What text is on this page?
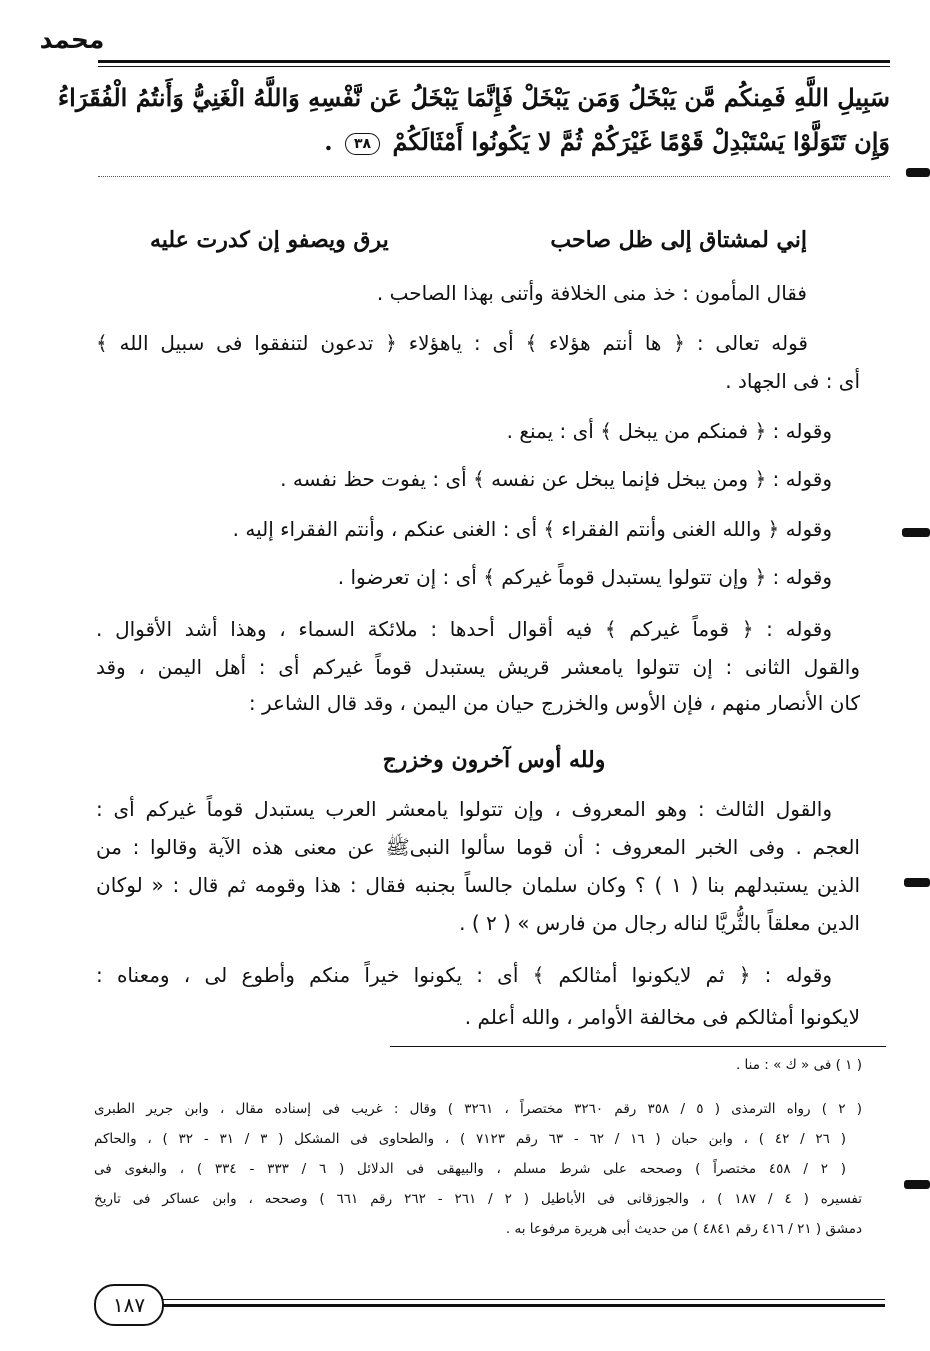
محمد
سَبِيلِ اللَّهِ فَمِنكُم مَّن يَبْخَلُ وَمَن يَبْخَلْ فَإِنَّمَا يَبْخَلُ عَن نَّفْسِهِ وَاللَّهُ الْغَنِيُّ وَأَنتُمُ الْفُقَرَاءُ
وَإِن تَتَوَلَّوْا يَسْتَبْدِلْ قَوْمًا غَيْرَكُمْ ثُمَّ لا يَكُونُوا أَمْثَالَكُمْ ٣٨ .
إني لمشتاق إلى ظل صاحب
يرق ويصفو إن كدرت عليه
فقال المأمون : خذ منى الخلافة وأتنى بهذا الصاحب .
قوله تعالى : ﴿ ها أنتم هؤلاء ﴾ أى : ياهؤلاء ﴿ تدعون لتنفقوا فى سبيل الله ﴾
أى : فى الجهاد .
وقوله : ﴿ فمنكم من يبخل ﴾ أى : يمنع .
وقوله : ﴿ ومن يبخل فإنما يبخل عن نفسه ﴾ أى : يفوت حظ نفسه .
وقوله ﴿ والله الغنى وأنتم الفقراء ﴾ أى : الغنى عنكم ، وأنتم الفقراء إليه .
وقوله : ﴿ وإن تتولوا يستبدل قوماً غيركم ﴾ أى : إن تعرضوا .
وقوله : ﴿ قوماً غيركم ﴾ فيه أقوال أحدها : ملائكة السماء ، وهذا أشد الأقوال .
والقول الثانى : إن تتولوا يامعشر قريش يستبدل قوماً غيركم أى : أهل اليمن ، وقد
كان الأنصار منهم ، فإن الأوس والخزرج حيان من اليمن ، وقد قال الشاعر :
ولله أوس آخرون وخزرج
والقول الثالث : وهو المعروف ، وإن تتولوا يامعشر العرب يستبدل قوماً غيركم أى :
العجم . وفى الخبر المعروف : أن قوما سألوا النبىﷺ عن معنى هذه الآية وقالوا : من
الذين يستبدلهم بنا ( ١ ) ؟ وكان سلمان جالساً بجنبه فقال : هذا وقومه ثم قال : « لوكان
الدين معلقاً بالثُّريَّا لناله رجال من فارس » ( ٢ ) .
وقوله : ﴿ ثم لايكونوا أمثالكم ﴾ أى : يكونوا خيراً منكم وأطوع لى ، ومعناه :
لايكونوا أمثالكم فى مخالفة الأوامر ، والله أعلم .
( ١ ) فى « ك » : منا .
( ٢ ) رواه الترمذى ( ٥ / ٣٥٨ رقم ٣٢٦٠ مختصراً ، ٣٢٦١ ) وقال : غريب فى إسناده مقال ، وابن جرير الطبرى
( ٢٦ / ٤٢ ) ، وابن حبان ( ١٦ / ٦٢ - ٦٣ رقم ٧١٢٣ ) ، والطحاوى فى المشكل ( ٣ / ٣١ - ٣٢ ) ، والحاكم
( ٢ / ٤٥٨ مختصراً ) وصححه على شرط مسلم ، والبيهقى فى الدلائل ( ٦ / ٣٣٣ - ٣٣٤ ) ، والبغوى فى
تفسيره ( ٤ / ١٨٧ ) ، والجوزقانى فى الأباطيل ( ٢ / ٢٦١ - ٢٦٢ رقم ٦٦١ ) وصححه ، وابن عساكر فى تاريخ
دمشق ( ٢١ / ٤١٦ رقم ٤٨٤١ ) من حديث أبى هريرة مرفوعا به .
١٨٧
